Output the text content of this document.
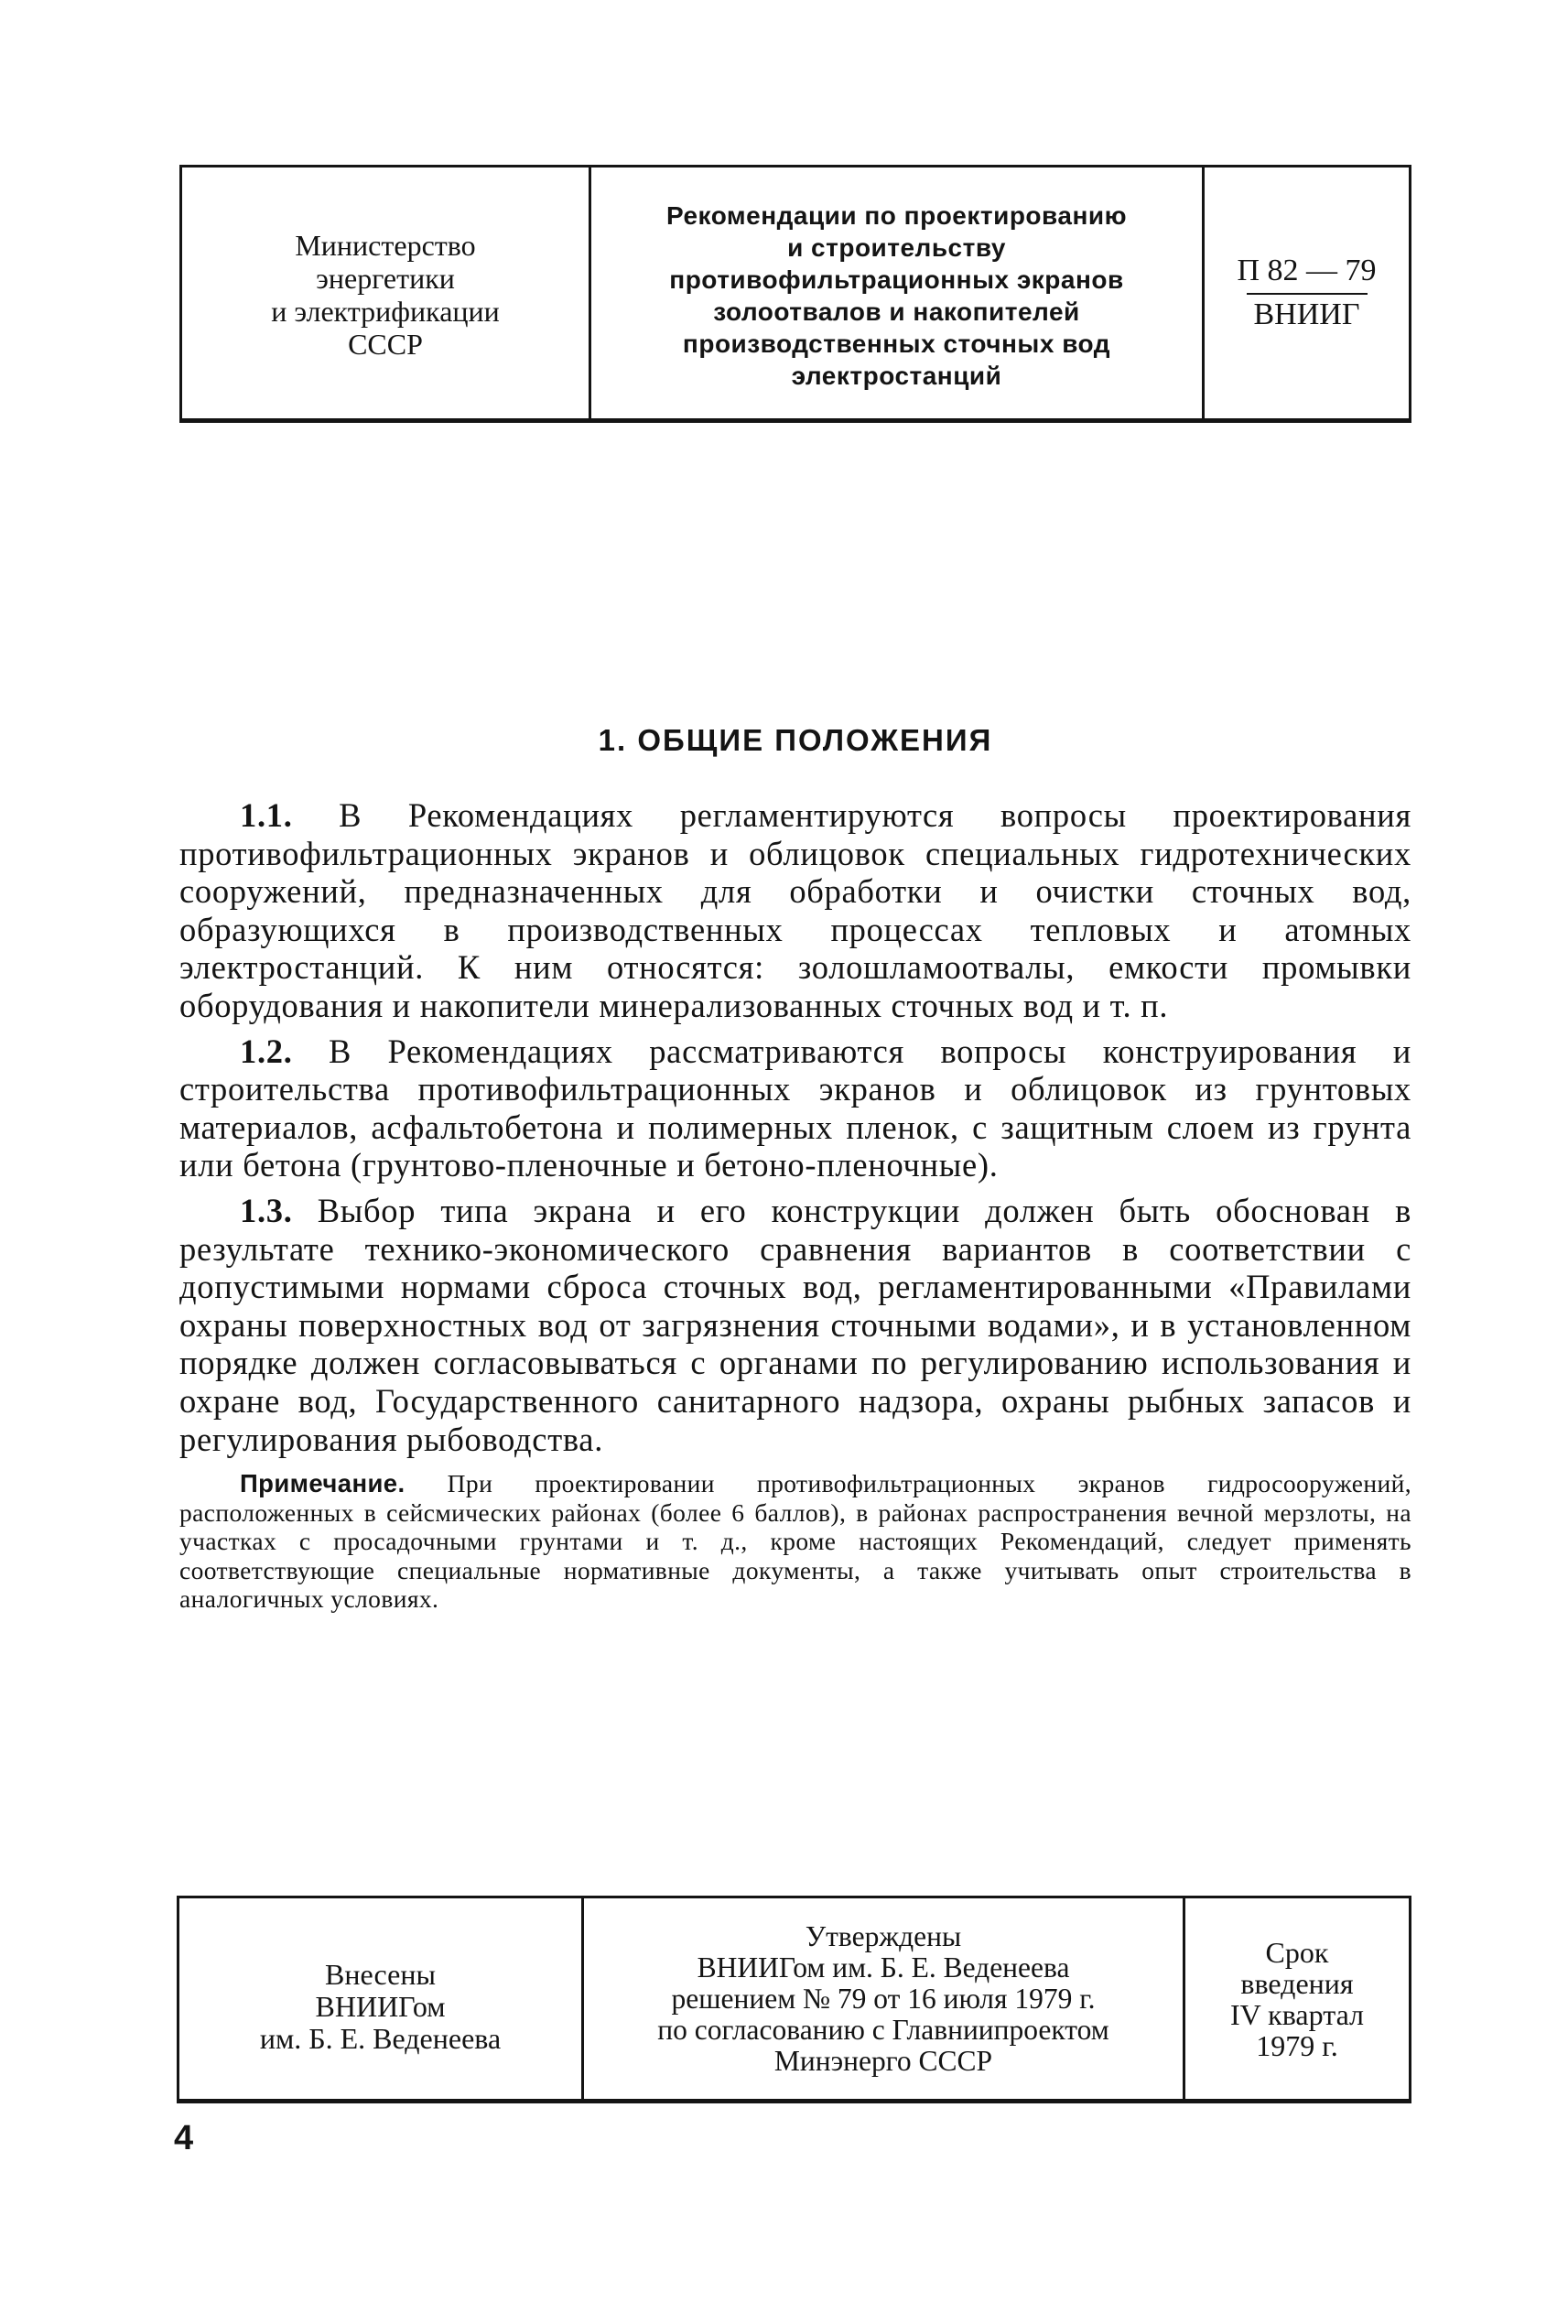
Министерство
энергетики
и электрификации
СССР
Рекомендации по проектированию
и строительству
противофильтрационных экранов
золоотвалов и накопителей
производственных сточных вод
электростанций
П 82 — 79
ВНИИГ
1. ОБЩИЕ ПОЛОЖЕНИЯ

1.1. В Рекомендациях регламентируются вопросы проектирования противофильтрационных экранов и облицовок специальных гидротехнических сооружений, предназначенных для обработки и очистки сточных вод, образующихся в производственных процессах тепловых и атомных электростанций. К ним относятся: золошламоотвалы, емкости промывки оборудования и накопители минерализованных сточных вод и т. п.

1.2. В Рекомендациях рассматриваются вопросы конструирования и строительства противофильтрационных экранов и облицовок из грунтовых материалов, асфальтобетона и полимерных пленок, с защитным слоем из грунта или бетона (грунтово-пленочные и бетоно-пленочные).

1.3. Выбор типа экрана и его конструкции должен быть обоснован в результате технико-экономического сравнения вариантов в соответствии с допустимыми нормами сброса сточных вод, регламентированными «Правилами охраны поверхностных вод от загрязнения сточными водами», и в установленном порядке должен согласовываться с органами по регулированию использования и охране вод, Государственного санитарного надзора, охраны рыбных запасов и регулирования рыбоводства.

Примечание. При проектировании противофильтрационных экранов гидросооружений, расположенных в сейсмических районах (более 6 баллов), в районах распространения вечной мерзлоты, на участках с просадочными грунтами и т. д., кроме настоящих Рекомендаций, следует применять соответствующие специальные нормативные документы, а также учитывать опыт строительства в аналогичных условиях.

Внесены
ВНИИГом
им. Б. Е. Веденеева
Утверждены
ВНИИГом им. Б. Е. Веденеева
решением № 79 от 16 июля 1979 г.
по согласованию с Главниипроектом
Минэнерго СССР
Срок
введения
IV квартал
1979 г.
4
